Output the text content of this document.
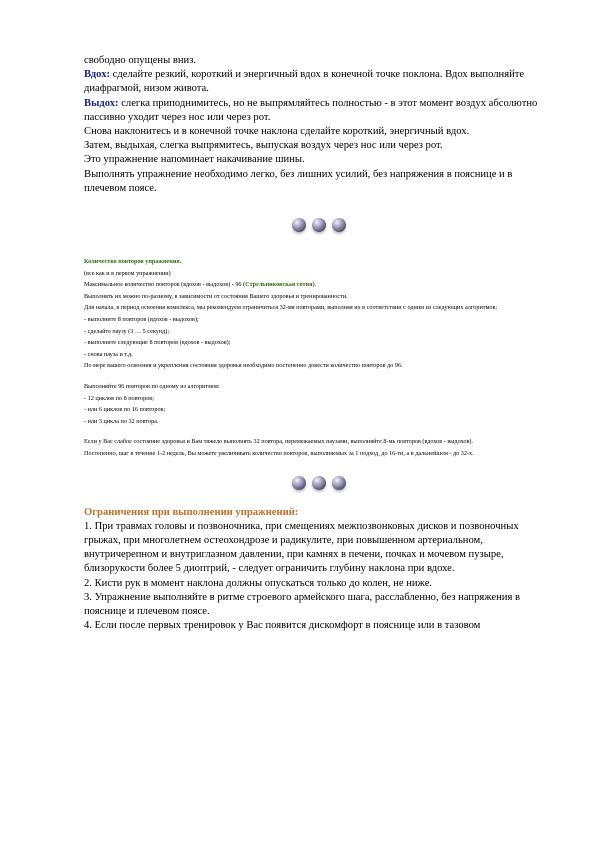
свободно опущены вниз.

Вдох: сделайте резкий, короткий и энергичный вдох в конечной точке поклона. Вдох выполняйте диафрагмой, низом живота.

Выдох: слегка приподнимитесь, но не выпрямляйтесь полностью - в этот момент воздух абсолютно пассивно уходит через нос или через рот.

Снова наклонитесь и в конечной точке наклона сделайте короткий, энергичный вдох.

Затем, выдыхая, слегка выпрямитесь, выпуская воздух через нос или через рот.

Это упражнение напоминает накачивание шины.

Выполнять упражнение необходимо легко, без лишних усилий, без напряжения в пояснице и в плечевом поясе.

Количество повторов упражнения.

(все как и в первом упражнении)

Максимальное количество повторов (вдохов - выдохов) - 96 (Стрельниковская сотня).

Выполнять их можно по-разному, в зависимости от состояния Вашего здоровья и тренированности.

Для начала, в период освоения комплекса, мы рекомендуем ограничиться 32-мя повторами, выполняя их в соответствии с одним из следующих алгоритмов:

- выполните 8 повторов (вдохов - выдохов);

- сделайте паузу (3 … 5 секунд);

- выполните следующие 8 повторов (вдохов - выдохов);

- снова пауза и т.д.

По мере вашего освоения и укрепления состояния здоровья необходимо постепенно довести количество повторов до 96.

Выполняйте 96 повторов по одному из алгоритмов:

- 12 циклов по 8 повторов;

- или 6 циклов по 16 повторов;

- или 3 цикла по 32 повтора.

Если у Вас слабое состояние здоровья и Вам тяжело выполнять 32 повтора, перемежаемых паузами, выполняйте 8-мь повторов (вдохов - выдохов).

Постепенно, шаг в течение 1-2 недель, Вы можете увеличивать количество повторов, выполняемых за 1 подход, до 16-ти, а в дальнейшем - до 32-х.

Ограничения при выполнении упражнений:

1. При травмах головы и позвоночника, при смещениях межпозвонковых дисков и позвоночных грыжах, при многолетнем остеохондрозе и радикулите, при повышенном артериальном, внутричерепном и внутриглазном давлении, при камнях в печени, почках и мочевом пузыре, близорукости более 5 диоптрий, - следует ограничить глубину наклона при вдохе.

2. Кисти рук в момент наклона должны опускаться только до колен, не ниже.

3. Упражнение выполняйте в ритме строевого армейского шага, расслабленно, без напряжения в пояснице и плечевом поясе.

4. Если после первых тренировок у Вас появится дискомфорт в пояснице или в тазовом
